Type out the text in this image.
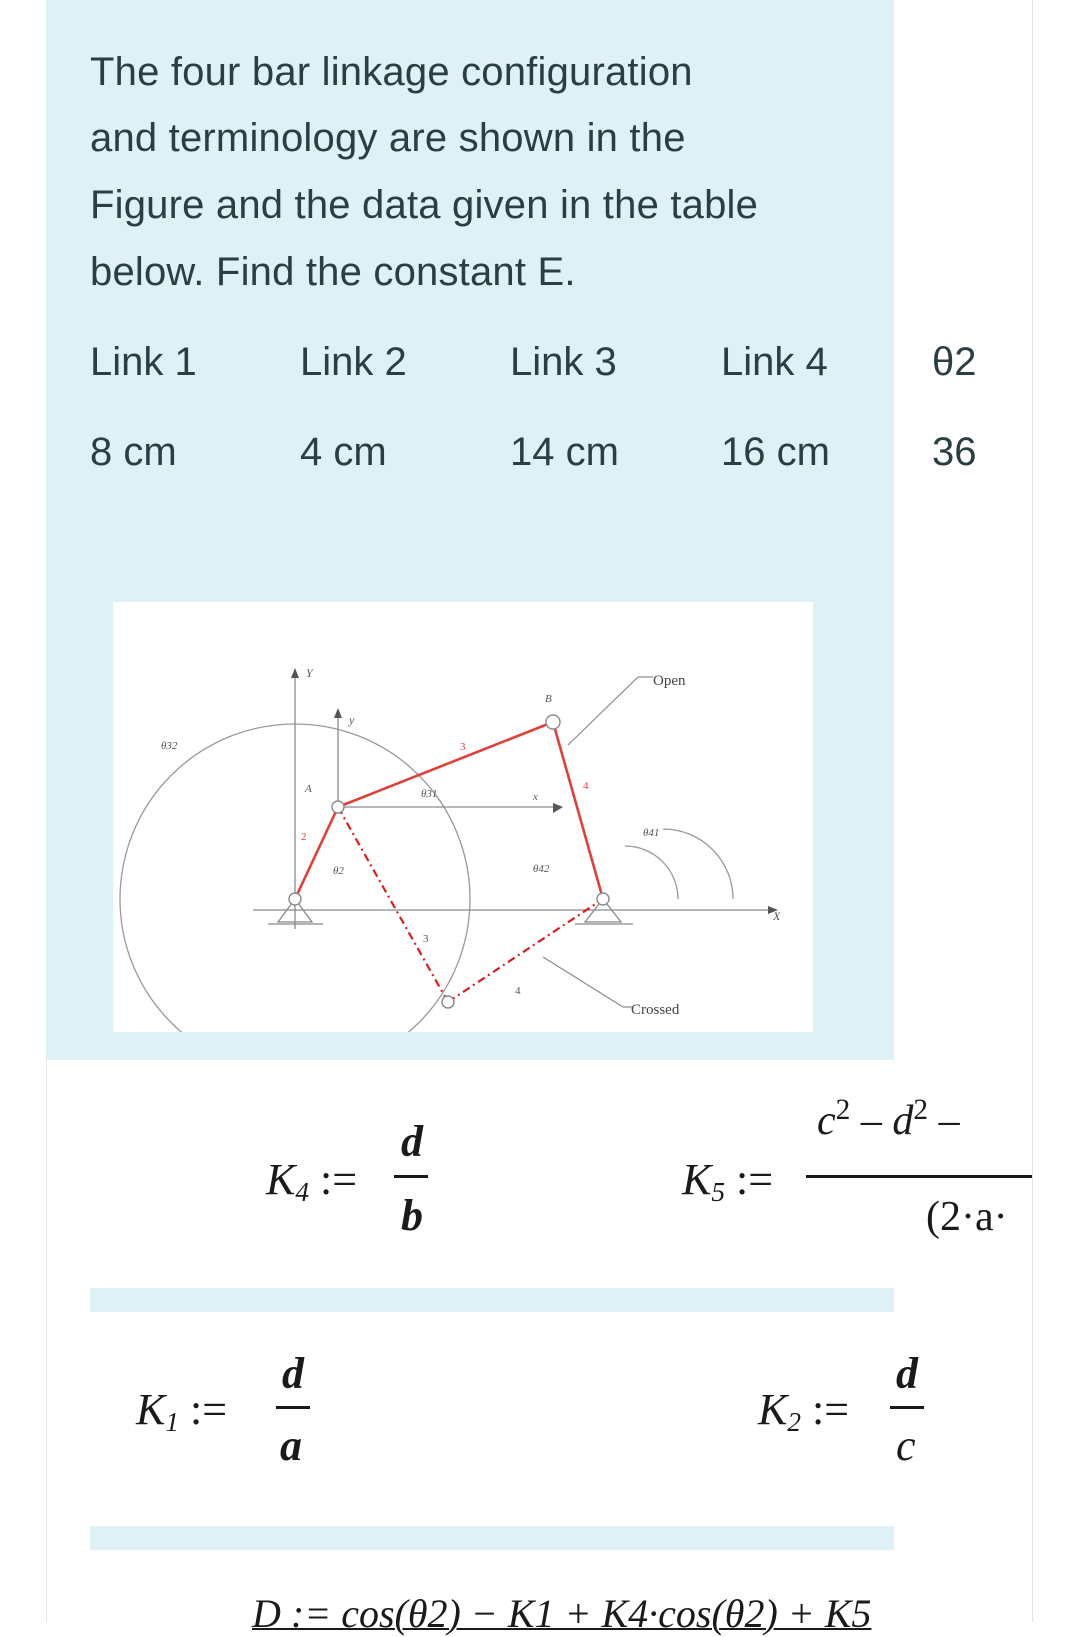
The four bar linkage configuration
and terminology are shown in the
Figure and the data given in the table
below. Find the constant E.
Link 1	Link 2	Link 3	Link 4	θ2
8 cm	4 cm	14 cm	16 cm	36
Open
Crossed
Y
y
X
x
A
B
2
3
4
3
4
θ2
θ31
θ32
θ41
θ42
K4 :=
d
b
K5 :=
$c^2 - d^2$ –
(2·a·
K1 :=
d
a
K2 :=
d
c
D := cos(θ2) − K1 + K4·cos(θ2) + K5
